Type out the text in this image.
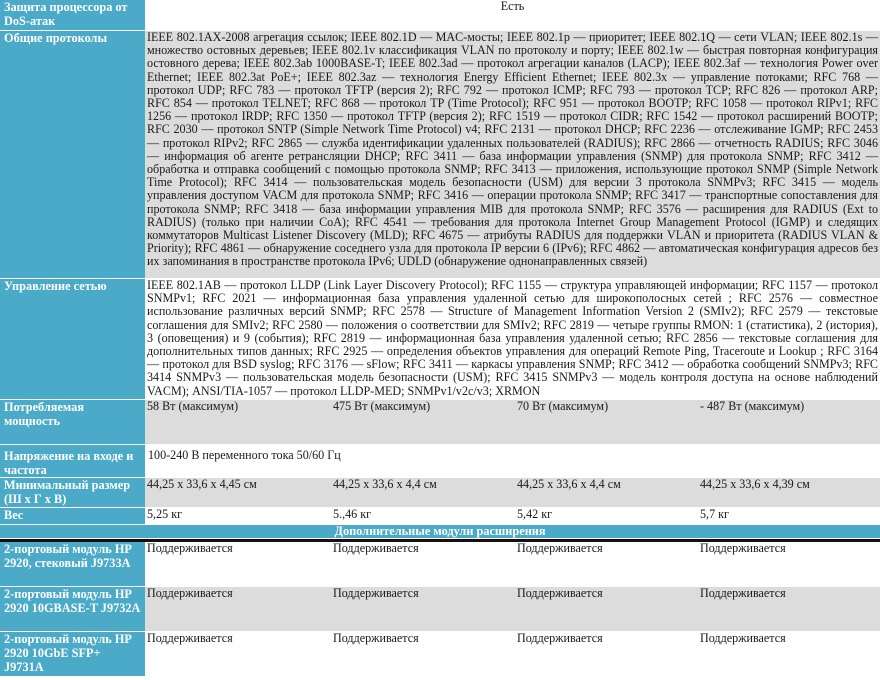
Защита процессора от DoS-атак	Есть			
Общие протоколы	IEEE 802.1AX-2008 агрегация ссылок; IEEE 802.1D — MAC-мосты; IEEE 802.1p — приоритет; IEEE 802.1Q — сети VLAN; IEEE 802.1s — множество остовных деревьев; IEEE 802.1v классификация VLAN по протоколу и порту; IEEE 802.1w — быстрая повторная конфигурация остовного дерева; IEEE 802.3ab 1000BASE-T; IEEE 802.3ad — протокол агрегации каналов (LACP); IEEE 802.3af — технология Power over Ethernet; IEEE 802.3at PoE+; IEEE 802.3az — технология Energy Efficient Ethernet; IEEE 802.3x — управление потоками; RFC 768 — протокол UDP; RFC 783 — протокол TFTP (версия 2); RFC 792 — протокол ICMP; RFC 793 — протокол TCP; RFC 826 — протокол ARP; RFC 854 — протокол TELNET; RFC 868 — протокол TP (Time Protocol); RFC 951 — протокол BOOTP; RFC 1058 — протокол RIPv1; RFC 1256 — протокол IRDP; RFC 1350 — протокол TFTP (версия 2); RFC 1519 — протокол CIDR; RFC 1542 — протокол расширений BOOTP; RFC 2030 — протокол SNTP (Simple Network Time Protocol) v4; RFC 2131 — протокол DHCP; RFC 2236 — отслеживание IGMP; RFC 2453 — протокол RIPv2; RFC 2865 — служба идентификации удаленных пользователей (RADIUS); RFC 2866 — отчетность RADIUS; RFC 3046 — информация об агенте ретрансляции DHCP; RFC 3411 — база информации управления (SNMP) для протокола SNMP; RFC 3412 — обработка и отправка сообщений с помощью протокола SNMP; RFC 3413 — приложения, использующие протокол SNMP (Simple Network Time Protocol); RFC 3414 — пользовательская модель безопасности (USM) для версии 3 протокола SNMPv3; RFC 3415 — модель управления доступом VACM для протокола SNMP; RFC 3416 — операции протокола SNMP; RFC 3417 — транспортные сопоставления для протокола SNMP; RFC 3418 — база информации управления MIB для протокола SNMP; RFC 3576 — расширения для RADIUS (Ext to RADIUS) (только при наличии CoA); RFC 4541 — требования для протокола Internet Group Management Protocol (IGMP) и следящих коммутаторов Multicast Listener Discovery (MLD); RFC 4675 — атрибуты RADIUS для поддержки VLAN и приоритета (RADIUS VLAN & Priority); RFC 4861 — обнаружение соседнего узла для протокола IP версии 6 (IPv6); RFC 4862 — автоматическая конфигурация адресов без их запоминания в пространстве протокола IPv6; UDLD (обнаружение однонаправленных связей)			
Управление сетью	IEEE 802.1AB — протокол LLDP (Link Layer Discovery Protocol); RFC 1155 — структура управляющей информации; RFC 1157 — протокол SNMPv1; RFC 2021 — информационная база управления удаленной сетью для широкополосных сетей ; RFC 2576 — совместное использование различных версий SNMP; RFC 2578 — Structure of Management Information Version 2 (SMIv2); RFC 2579 — текстовые соглашения для SMIv2; RFC 2580 — положения о соответствии для SMIv2; RFC 2819 — четыре группы RMON: 1 (статистика), 2 (история), 3 (оповещения) и 9 (события); RFC 2819 — информационная база управления удаленной сетью; RFC 2856 — текстовые соглашения для дополнительных типов данных; RFC 2925 — определения объектов управления для операций Remote Ping, Traceroute и Lookup ; RFC 3164 — протокол для BSD syslog; RFC 3176 — sFlow; RFC 3411 — каркасы управления SNMP; RFC 3412 — обработка сообщений SNMPv3; RFC 3414 SNMPv3 — пользовательская модель безопасности (USM); RFC 3415 SNMPv3 — модель контроля доступа на основе наблюдений VACM); ANSI/TIA-1057 — протокол LLDP-MED; SNMPv1/v2c/v3; XRMON			
Потребляемая мощность	58 Вт (максимум)	475 Вт (максимум)	70 Вт (максимум)	- 487 Вт (максимум)
Напряжение на входе и частота	100-240 В переменного тока 50/60 Гц			
Минимальный размер (Ш х Г х В)	44,25 х 33,6 х 4,45 см	44,25 х 33,6 х 4,4 см	44,25 х 33,6 х 4,4 см	44,25 х 33,6 х 4,39 см
Вес	5,25 кг	5.,46 кг	5,42 кг	5,7 кг
Дополнительные модули расширения				

2-портовый модуль HP 2920, стековый J9733A	Поддерживается	Поддерживается	Поддерживается	Поддерживается
2-портовый модуль HP 2920 10GBASE-T J9732A	Поддерживается	Поддерживается	Поддерживается	Поддерживается
2-портовый модуль HP 2920 10GbE SFP+ J9731A	Поддерживается	Поддерживается	Поддерживается	Поддерживается
